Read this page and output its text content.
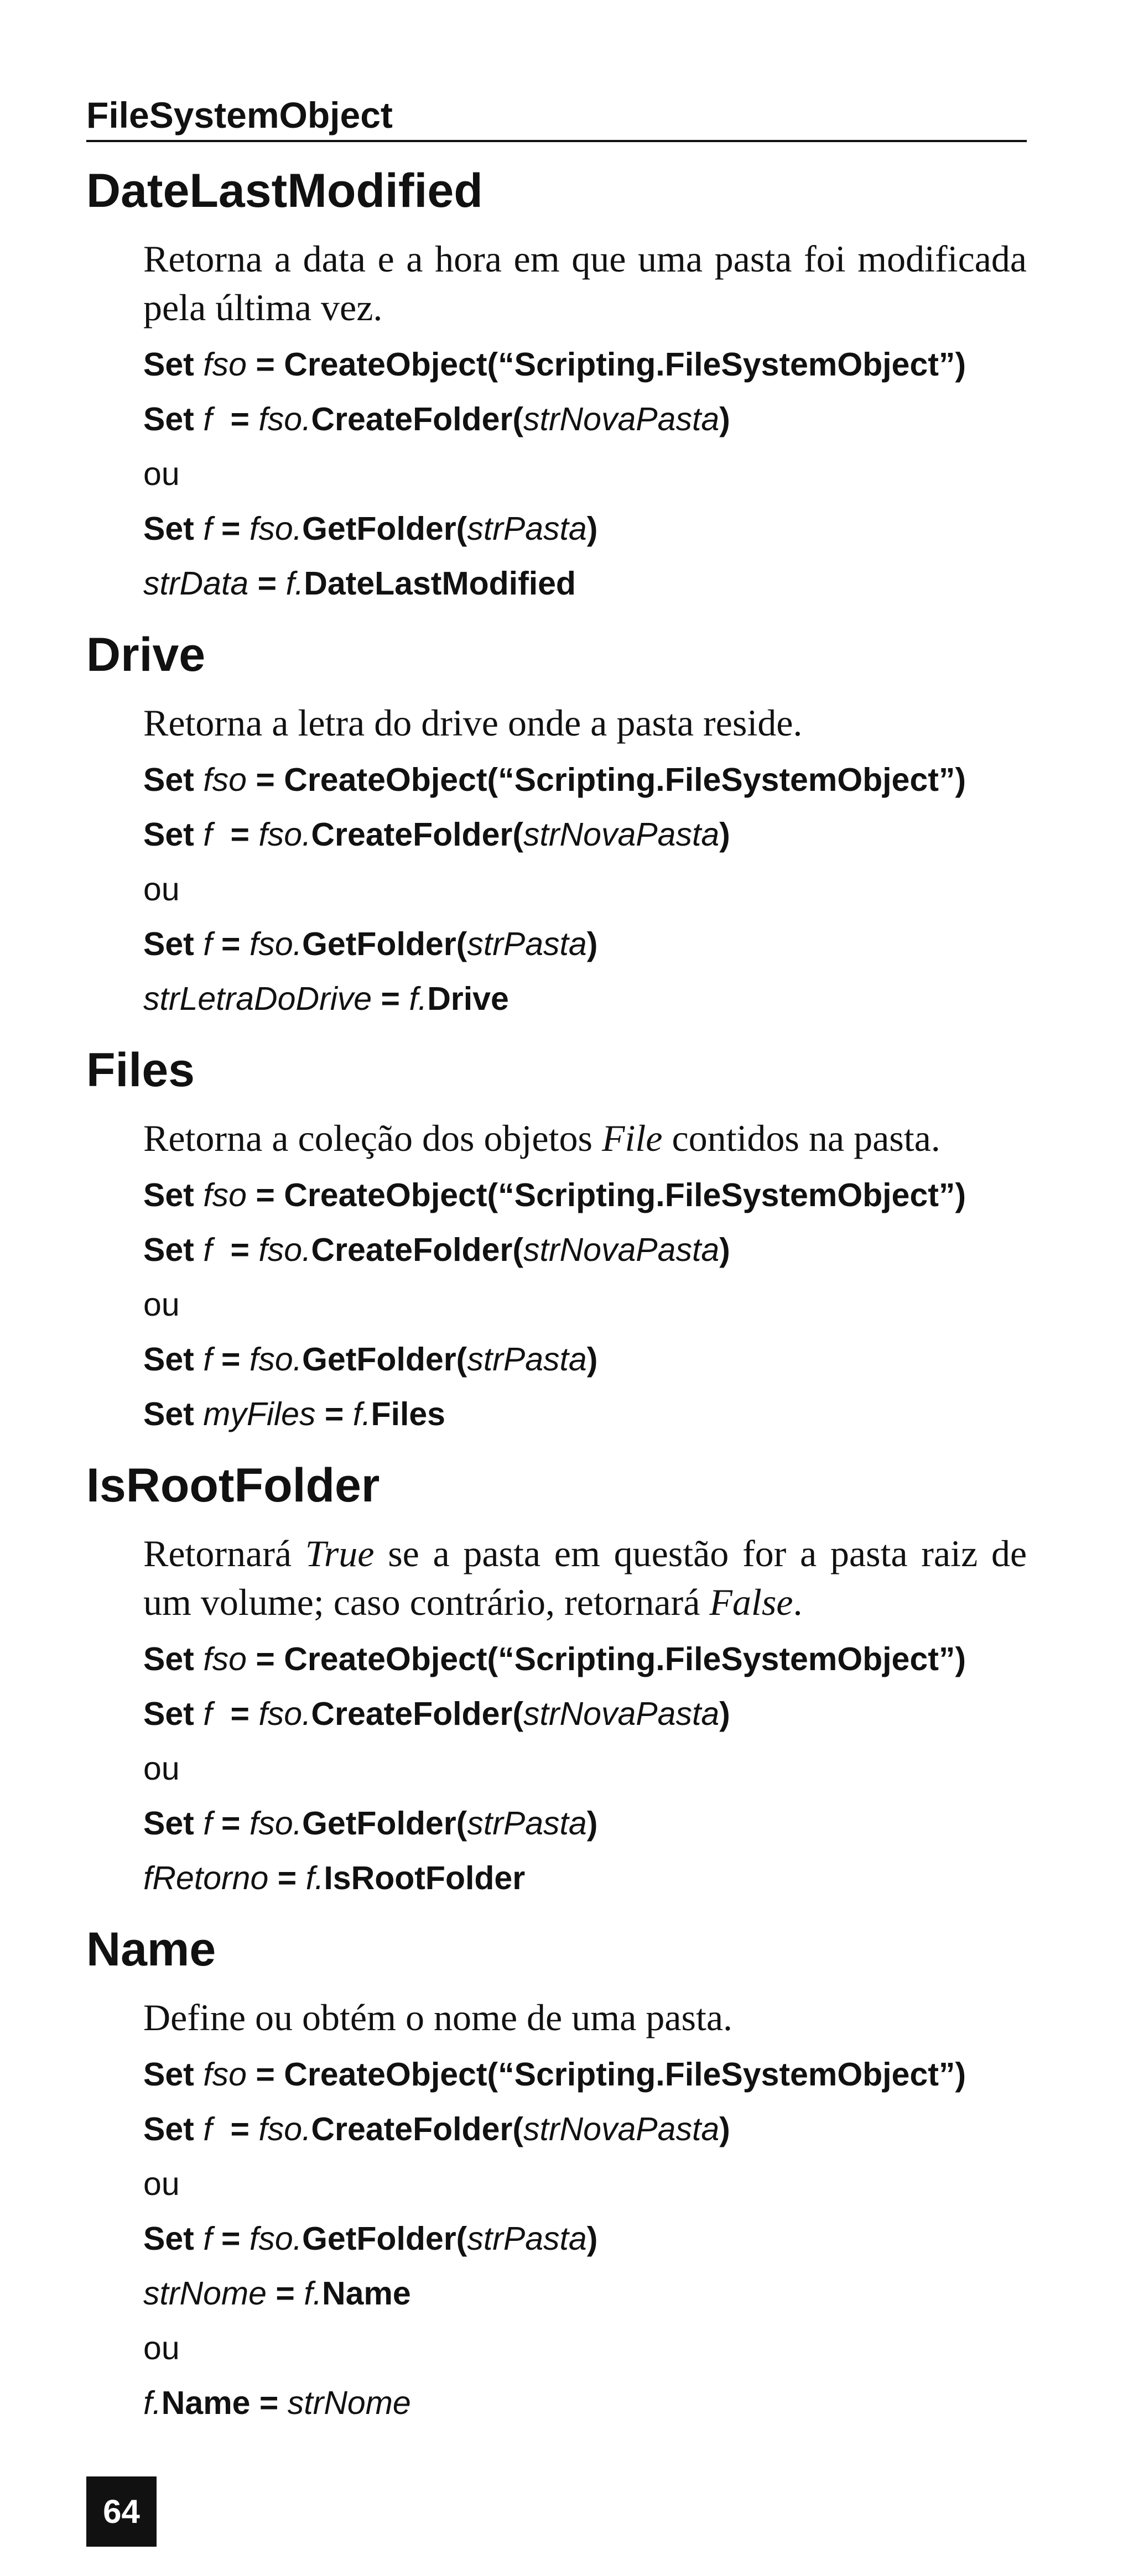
FileSystemObject
DateLastModified

Retorna a data e a hora em que uma pasta foi modificada pela última vez.

Set fso = CreateObject(“Scripting.FileSystemObject”)
Set f = fso.CreateFolder(strNovaPasta)
ou
Set f = fso.GetFolder(strPasta)
strData = f.DateLastModified
Drive

Retorna a letra do drive onde a pasta reside.

Set fso = CreateObject(“Scripting.FileSystemObject”)
Set f = fso.CreateFolder(strNovaPasta)
ou
Set f = fso.GetFolder(strPasta)
strLetraDoDrive = f.Drive
Files

Retorna a coleção dos objetos File contidos na pasta.

Set fso = CreateObject(“Scripting.FileSystemObject”)
Set f = fso.CreateFolder(strNovaPasta)
ou
Set f = fso.GetFolder(strPasta)
Set myFiles = f.Files
IsRootFolder

Retornará True se a pasta em questão for a pasta raiz de um volume; caso contrário, retornará False.

Set fso = CreateObject(“Scripting.FileSystemObject”)
Set f = fso.CreateFolder(strNovaPasta)
ou
Set f = fso.GetFolder(strPasta)
fRetorno = f.IsRootFolder
Name

Define ou obtém o nome de uma pasta.

Set fso = CreateObject(“Scripting.FileSystemObject”)
Set f = fso.CreateFolder(strNovaPasta)
ou
Set f = fso.GetFolder(strPasta)
strNome = f.Name
ou
f.Name = strNome
64
